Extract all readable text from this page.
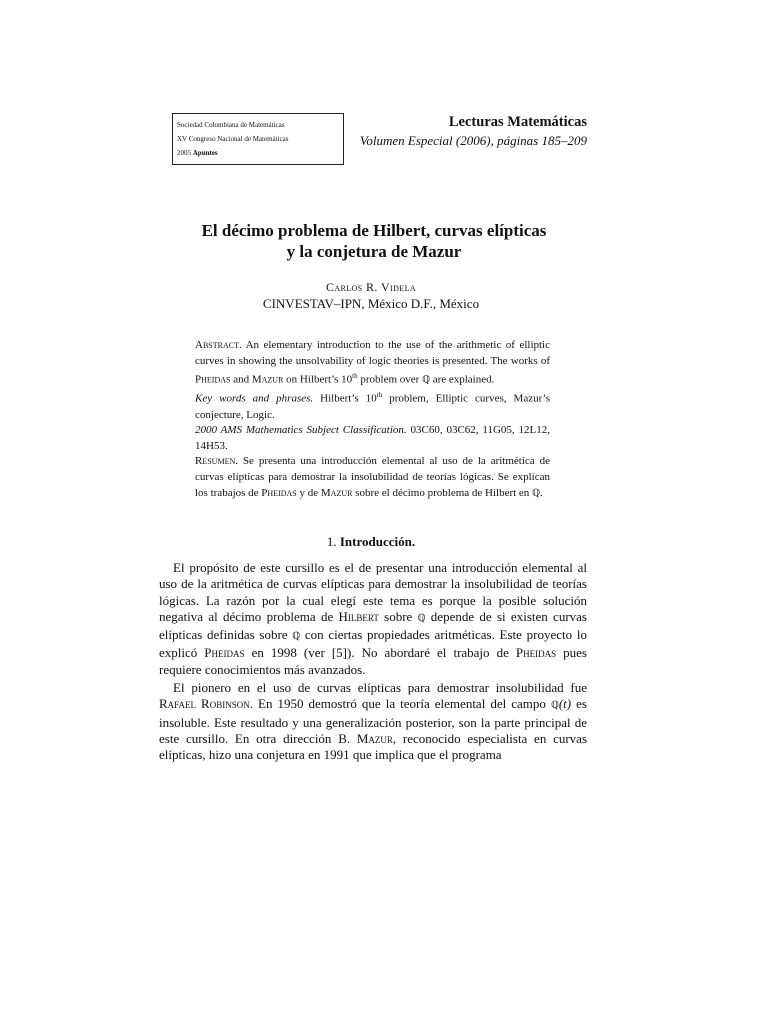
Sociedad Colombiana de Matemáticas
XV Congreso Nacional de Matemáticas
2005 Apuntes
Lecturas Matemáticas
Volumen Especial (2006), páginas 185–209
El décimo problema de Hilbert, curvas elípticas
y la conjetura de Mazur
Carlos R. Videla
CINVESTAV–IPN, México D.F., México

Abstract. An elementary introduction to the use of the arithmetic of elliptic curves in showing the unsolvability of logic theories is presented. The works of Pheidas and Mazur on Hilbert’s 10th problem over ℚ are explained.

Key words and phrases. Hilbert’s 10th problem, Elliptic curves, Mazur’s conjecture, Logic.

2000 AMS Mathematics Subject Classification. 03C60, 03C62, 11G05, 12L12, 14H53.

Resumen. Se presenta una introducción elemental al uso de la aritmética de curvas elípticas para demostrar la insolubilidad de teorías lógicas. Se explican los trabajos de Pheidas y de Mazur sobre el décimo problema de Hilbert en ℚ.

1. Introducción.

El propósito de este cursillo es el de presentar una introducción elemental al uso de la aritmética de curvas elípticas para demostrar la insolubilidad de teorías lógicas. La razón por la cual elegí este tema es porque la posible solución negativa al décimo problema de Hilbert sobre ℚ depende de si existen curvas elípticas definidas sobre ℚ con ciertas propiedades aritméticas. Este proyecto lo explicó Pheidas en 1998 (ver [5]). No abordaré el trabajo de Pheidas pues requiere conocimientos más avanzados.

El pionero en el uso de curvas elípticas para demostrar insolubilidad fue Rafael Robinson. En 1950 demostró que la teoría elemental del campo ℚ(t) es insoluble. Este resultado y una generalización posterior, son la parte principal de este cursillo. En otra dirección B. Mazur, reconocido especialista en curvas elípticas, hizo una conjetura en 1991 que implica que el programa
